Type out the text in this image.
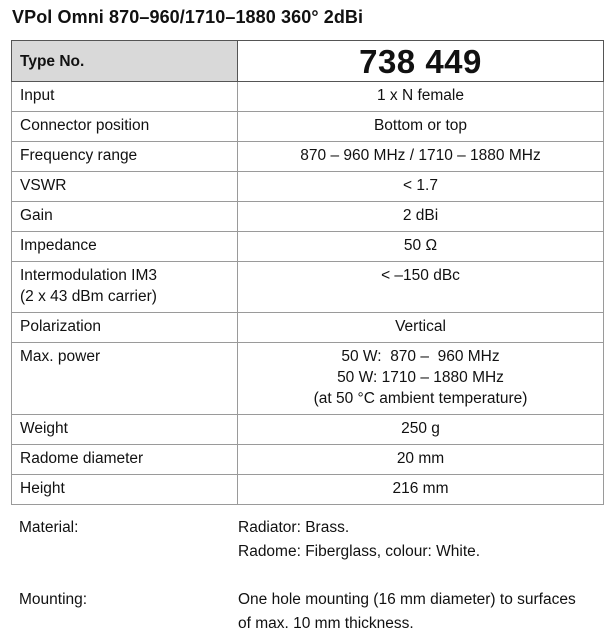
VPol Omni 870–960/1710–1880 360° 2dBi
Type No.	738 449

Input	1 x N female

Connector position	Bottom or top

Frequency range	870 – 960 MHz / 1710 – 1880 MHz

VSWR	< 1.7

Gain	2 dBi

Impedance	50 Ω

Intermodulation IM3
(2 x 43 dBm carrier)	< –150 dBc

Polarization	Vertical

Max. power	50 W:  870 –  960 MHz
50 W: 1710 – 1880 MHz
(at 50 °C ambient temperature)

Weight	250 g

Radome diameter	20 mm

Height	216 mm
Material:	Radiator: Brass.
Radome: Fiberglass, colour: White.
Mounting:	One hole mounting (16 mm diameter) to surfaces
of max. 10 mm thickness.
